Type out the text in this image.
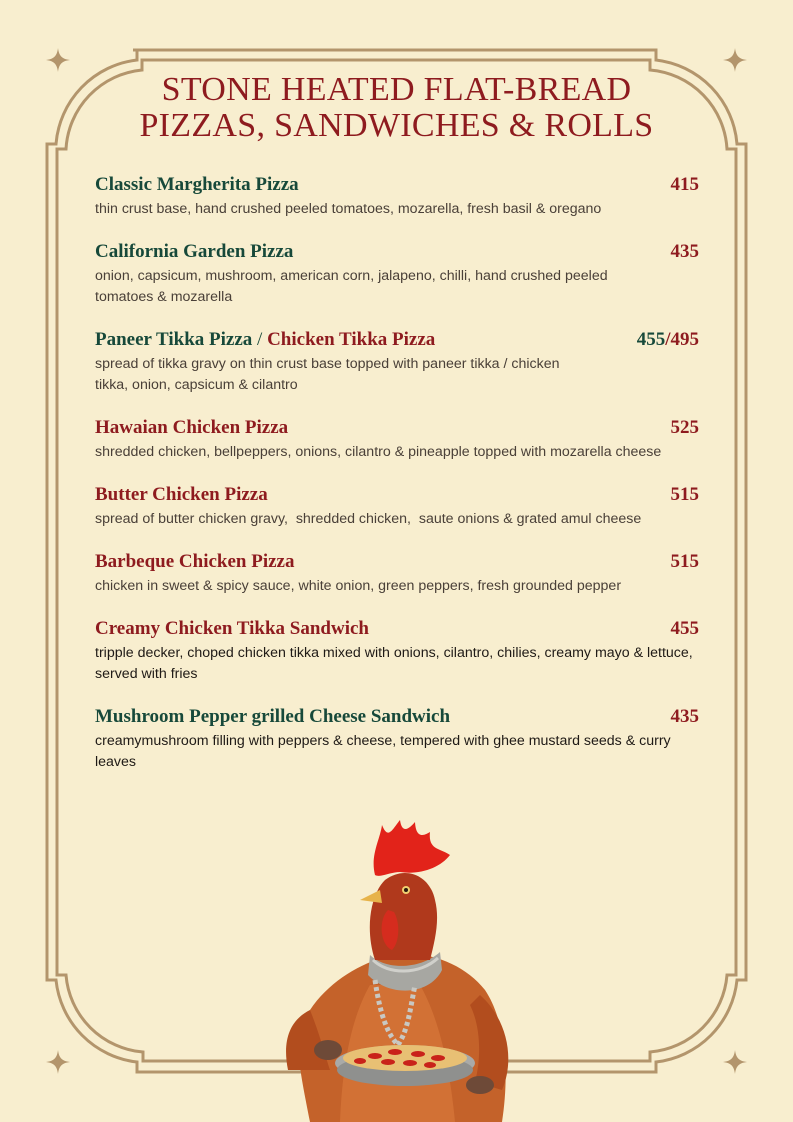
STONE HEATED FLAT-BREAD
PIZZAS, SANDWICHES & ROLLS
Classic Margherita Pizza	415
thin crust base, hand crushed peeled tomatoes, mozarella, fresh basil & oregano
California Garden Pizza	435
onion, capsicum, mushroom, american corn, jalapeno, chilli, hand crushed peeled tomatoes & mozarella
Paneer Tikka Pizza / Chicken Tikka Pizza	455/495
spread of tikka gravy on thin crust base topped with paneer tikka / chicken tikka, onion, capsicum & cilantro
Hawaian Chicken Pizza	525
shredded chicken, bellpeppers, onions, cilantro & pineapple topped with mozarella cheese
Butter Chicken Pizza	515
spread of butter chicken gravy,  shredded chicken,  saute onions & grated amul cheese
Barbeque Chicken Pizza	515
chicken in sweet & spicy sauce, white onion, green peppers, fresh grounded pepper
Creamy Chicken Tikka Sandwich	455
tripple decker, choped chicken tikka mixed with onions, cilantro, chilies, creamy mayo & lettuce, served with fries
Mushroom Pepper grilled Cheese Sandwich	435
creamymushroom filling with peppers & cheese, tempered with ghee mustard seeds & curry leaves
